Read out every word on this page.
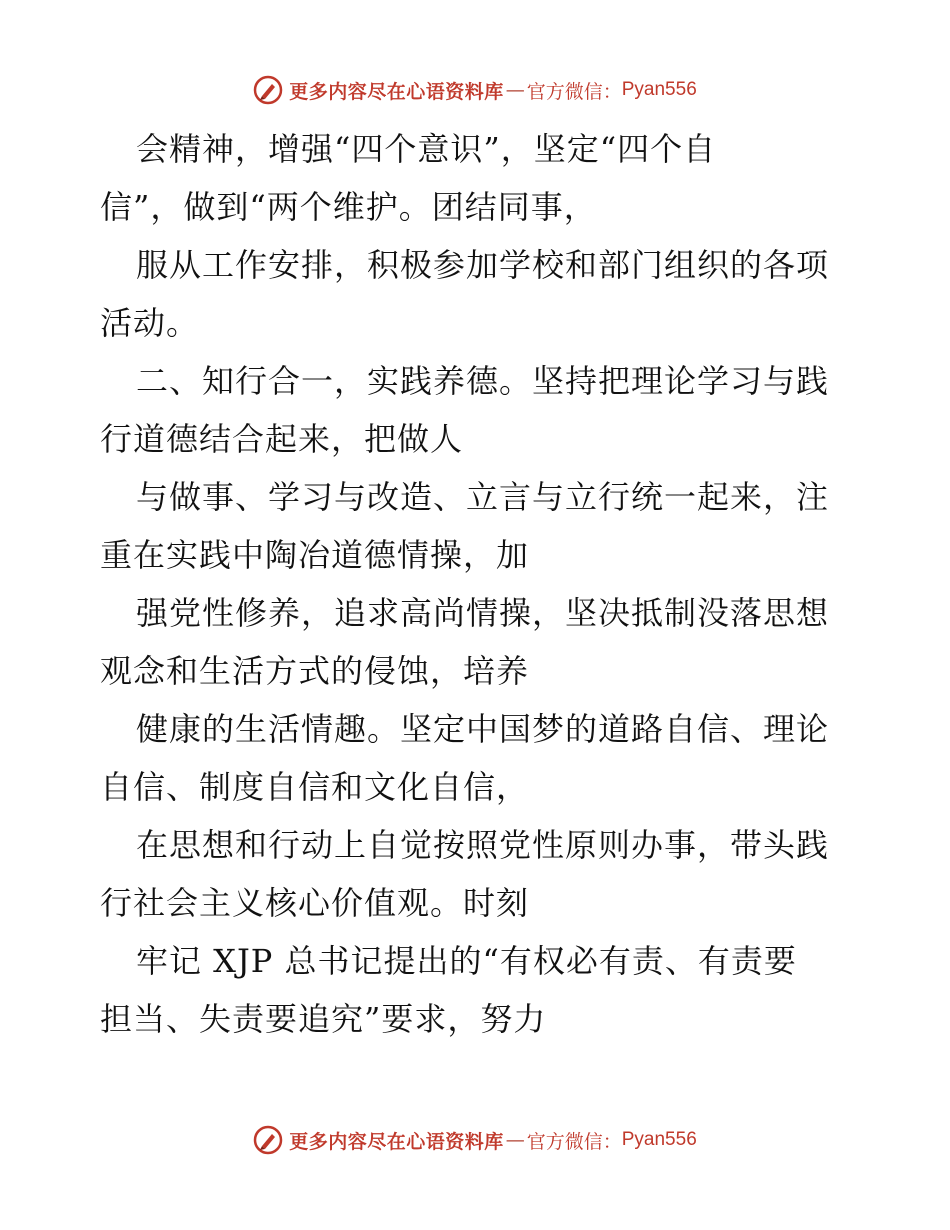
更多内容尽在心语资料库 — 官方微信： Pyan556
会精神，增强“四个意识”，坚定“四个自
信”，做到“两个维护。团结同事，
服从工作安排，积极参加学校和部门组织的各项
活动。
二、知行合一，实践养德。坚持把理论学习与践
行道德结合起来，把做人
与做事、学习与改造、立言与立行统一起来，注
重在实践中陶冶道德情操，加
强党性修养，追求高尚情操，坚决抵制没落思想
观念和生活方式的侵蚀，培养
健康的生活情趣。坚定中国梦的道路自信、理论
自信、制度自信和文化自信，
在思想和行动上自觉按照党性原则办事，带头践
行社会主义核心价值观。时刻
牢记 XJP 总书记提出的“有权必有责、有责要
担当、失责要追究”要求，努力
更多内容尽在心语资料库 — 官方微信： Pyan556
